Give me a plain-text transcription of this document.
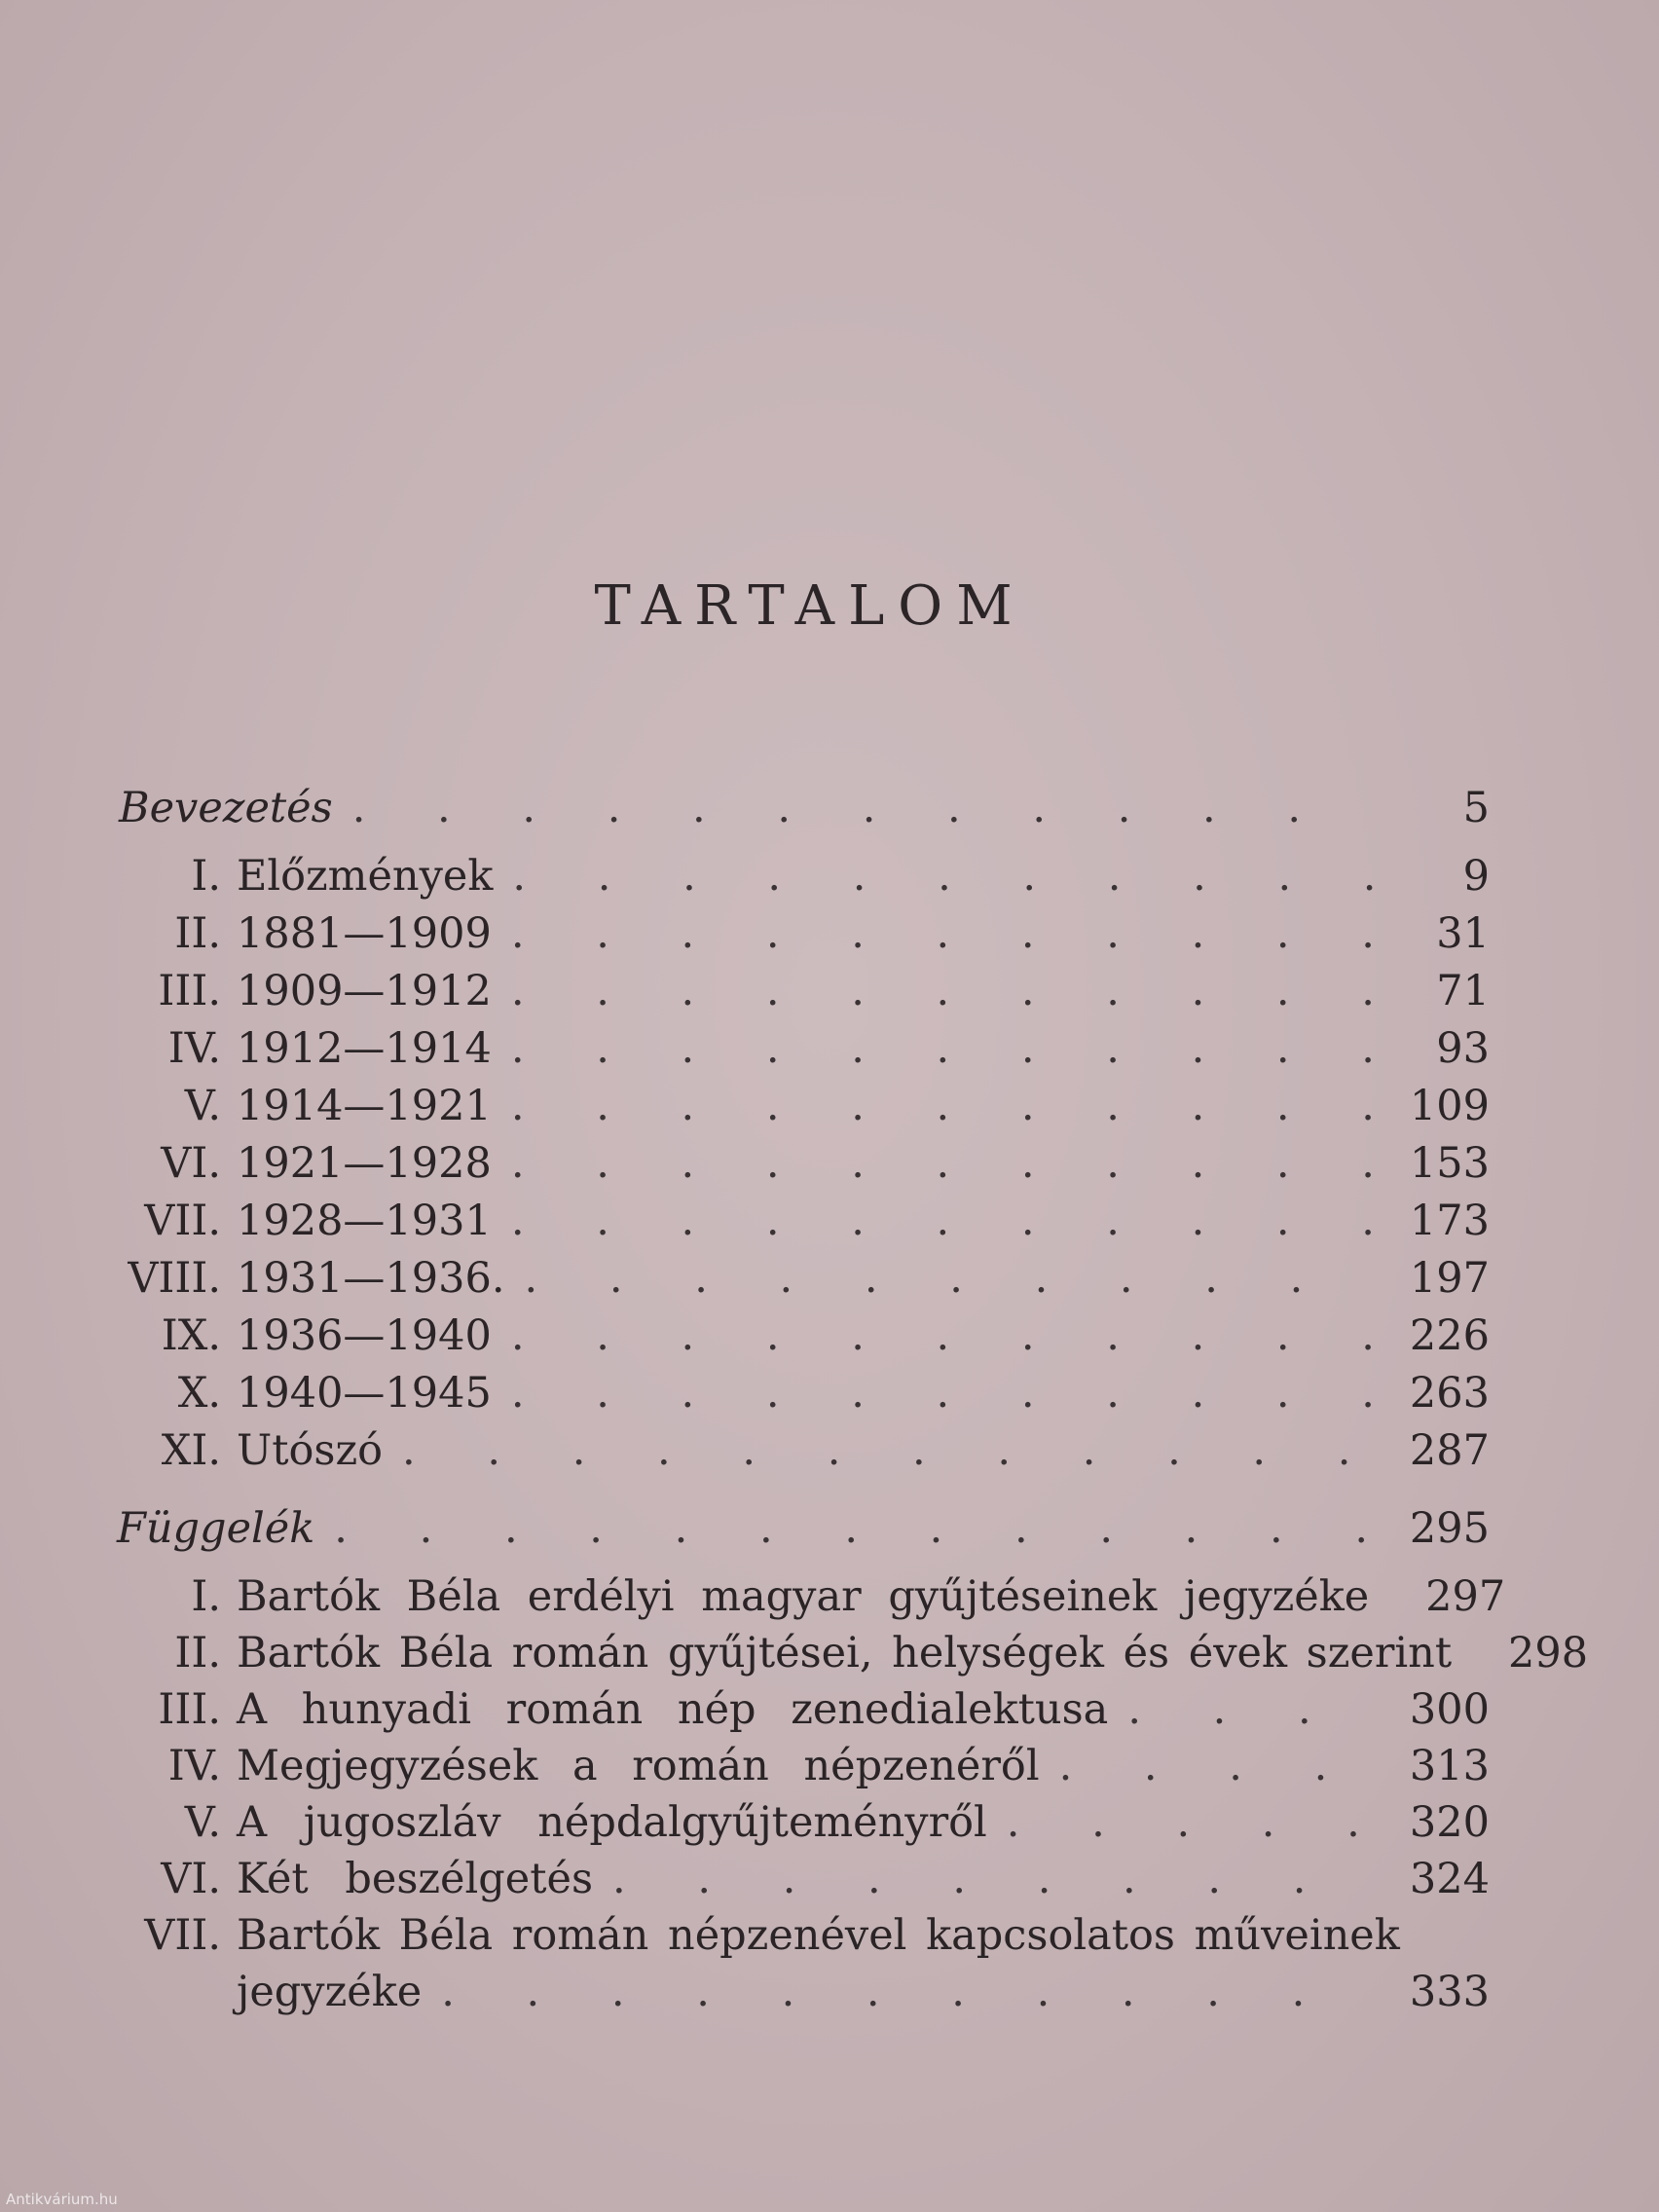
TARTALOM
Bevezetés . . .	5
I. Előzmények . . .	9
II. 1881—1909 . . .	31
III. 1909—1912 . . .	71
IV. 1912—1914 . . .	93
V. 1914—1921 . . .	109
VI. 1921—1928 . . .	153
VII. 1928—1931 . . .	173
VIII. 1931—1936. . . .	197
IX. 1936—1940 . . .	226
X. 1940—1945 . . .	263
XI. Utószó . . .	287
Függelék . . .	295
I. Bartók Béla erdélyi magyar gyűjtéseinek jegyzéke	297
II. Bartók Béla román gyűjtései, helységek és évek szerint	298
III. A hunyadi román nép zenedialektusa . . .	300
IV. Megjegyzések a román népzenéről . . .	313
V. A jugoszláv népdalgyűjteményről . . .	320
VI. Két beszélgetés . . .	324
VII. Bartók Béla román népzenével kapcsolatos műveinek
jegyzéke . . .	333
Antikvárium.hu
